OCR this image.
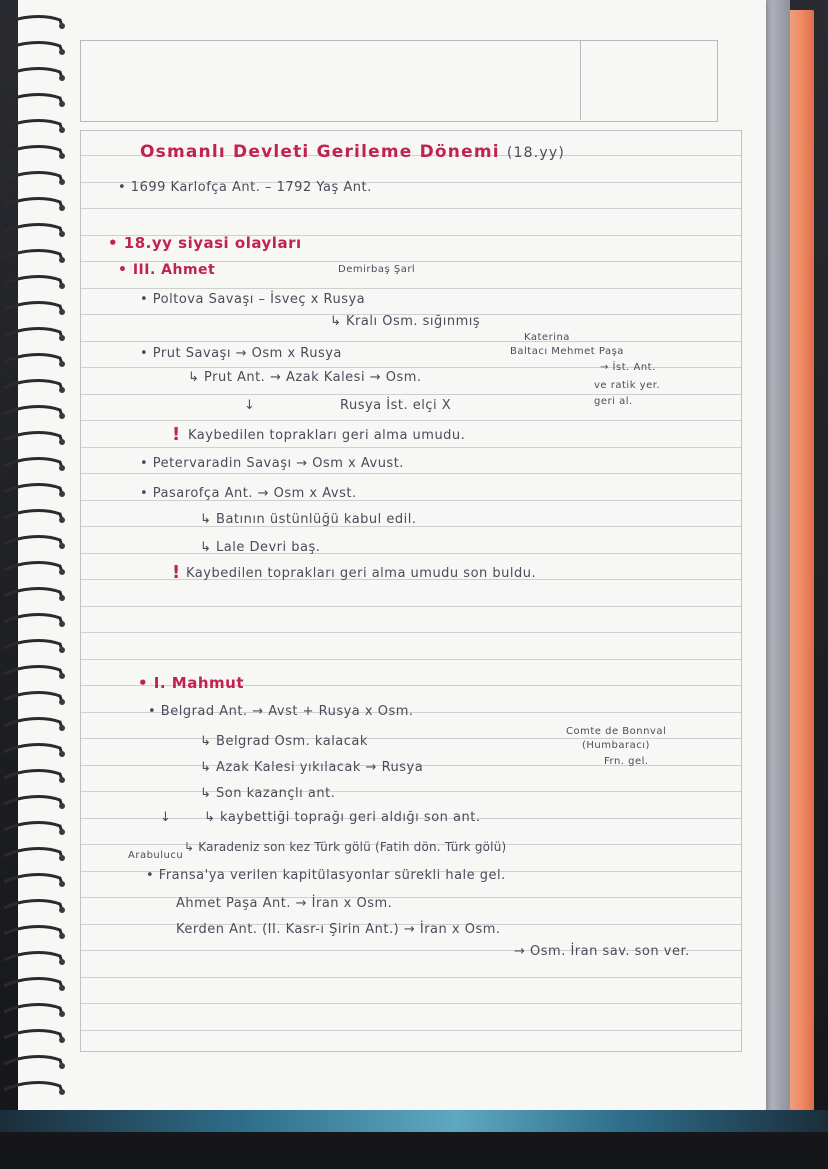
Osmanlı Devleti Gerileme Dönemi (18.yy)
• 1699 Karlofça Ant. – 1792 Yaş Ant.
• 18.yy siyasi olayları
• III. Ahmet	Demirbaş Şarl
• Poltova Savaşı – İsveç x Rusya
↳ Kralı Osm. sığınmış
• Prut Savaşı → Osm x Rusya
Katerina
Baltacı Mehmet Paşa
↳ Prut Ant. → Azak Kalesi → Osm.
→ İst. Ant.
ve ratik yer.
↓	Rusya İst. elçi X	geri al.
! Kaybedilen toprakları geri alma umudu.
• Petervaradin Savaşı → Osm x Avust.
• Pasarofça Ant. → Osm x Avst.
↳ Batının üstünlüğü kabul edil.
↳ Lale Devri baş.
! Kaybedilen toprakları geri alma umudu son buldu.
• I. Mahmut
• Belgrad Ant. → Avst + Rusya x Osm.
↳ Belgrad Osm. kalacak
Comte de Bonnval
(Humbaracı)
Frn. gel.
↳ Azak Kalesi yıkılacak → Rusya
↳ Son kazançlı ant.
↓	↳ kaybettiği toprağı geri aldığı son ant.
Arabulucu
↳ Karadeniz son kez Türk gölü (Fatih dön. Türk gölü)
• Fransa'ya verilen kapitülasyonlar sürekli hale gel.
Ahmet Paşa Ant. → İran x Osm.
Kerden Ant. (II. Kasr-ı Şirin Ant.) → İran x Osm.
→ Osm. İran sav. son ver.
